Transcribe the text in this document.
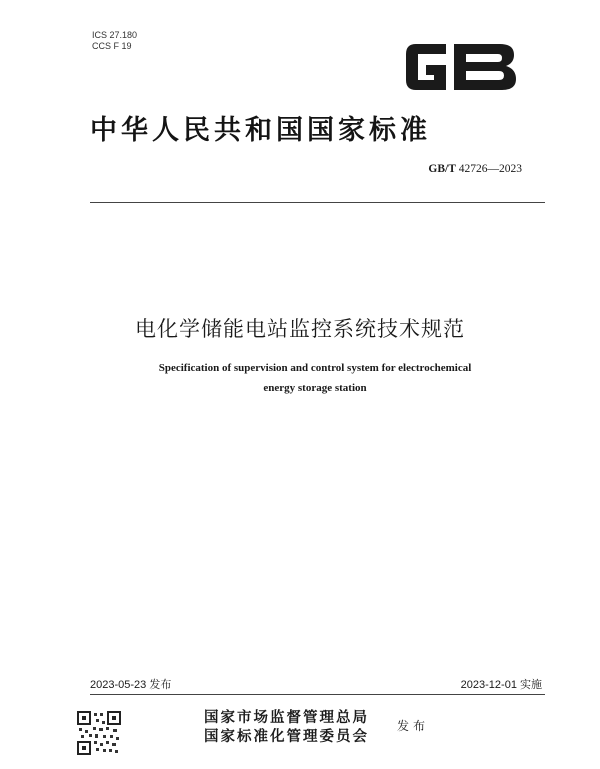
ICS 27.180
CCS F 19
中华人民共和国国家标准
GB/T 42726—2023
电化学储能电站监控系统技术规范
Specification of supervision and control system for electrochemical
energy storage station
2023-05-23 发布	2023-12-01 实施
国家市场监督管理总局
国家标准化管理委员会
发布
